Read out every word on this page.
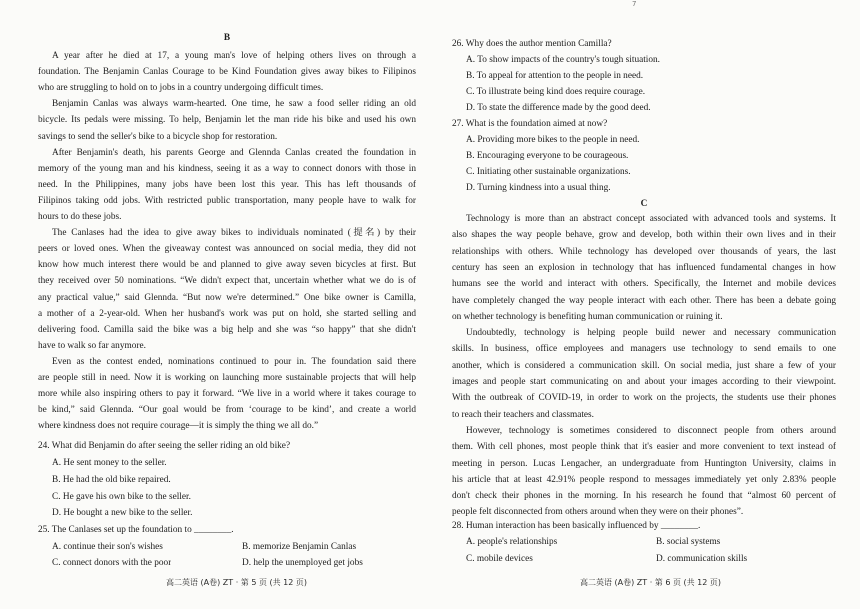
7
B
A year after he died at 17, a young man's love of helping others lives on through a
foundation. The Benjamin Canlas Courage to be Kind Foundation gives away bikes to Filipinos
who are struggling to hold on to jobs in a country undergoing difficult times.
Benjamin Canlas was always warm-hearted. One time, he saw a food seller riding an old
bicycle. Its pedals were missing. To help, Benjamin let the man ride his bike and used his own
savings to send the seller's bike to a bicycle shop for restoration.
After Benjamin's death, his parents George and Glennda Canlas created the foundation in
memory of the young man and his kindness, seeing it as a way to connect donors with those in
need. In the Philippines, many jobs have been lost this year. This has left thousands of
Filipinos taking odd jobs. With restricted public transportation, many people have to walk for
hours to do these jobs.
The Canlases had the idea to give away bikes to individuals nominated (提名) by their
peers or loved ones. When the giveaway contest was announced on social media, they did not
know how much interest there would be and planned to give away seven bicycles at first. But
they received over 50 nominations. “We didn't expect that, uncertain whether what we do is of
any practical value,” said Glennda. “But now we're determined.” One bike owner is Camilla,
a mother of a 2-year-old. When her husband's work was put on hold, she started selling and
delivering food. Camilla said the bike was a big help and she was “so happy” that she didn't
have to walk so far anymore.
Even as the contest ended, nominations continued to pour in. The foundation said there
are people still in need. Now it is working on launching more sustainable projects that will help
more while also inspiring others to pay it forward. “We live in a world where it takes courage to
be kind,” said Glennda. “Our goal would be from ‘courage to be kind’, and create a world
where kindness does not require courage—it is simply the thing we all do.”
24. What did Benjamin do after seeing the seller riding an old bike?
A. He sent money to the seller.
B. He had the old bike repaired.
C. He gave his own bike to the seller.
D. He bought a new bike to the seller.
25. The Canlases set up the foundation to ________.
A. continue their son's wishes	B. memorize Benjamin Canlas
C. connect donors with the poor	D. help the unemployed get jobs
高二英语 (A卷) ZT · 第 5 页 (共 12 页)
26. Why does the author mention Camilla?
A. To show impacts of the country's tough situation.
B. To appeal for attention to the people in need.
C. To illustrate being kind does require courage.
D. To state the difference made by the good deed.
27. What is the foundation aimed at now?
A. Providing more bikes to the people in need.
B. Encouraging everyone to be courageous.
C. Initiating other sustainable organizations.
D. Turning kindness into a usual thing.
C
Technology is more than an abstract concept associated with advanced tools and systems. It
also shapes the way people behave, grow and develop, both within their own lives and in their
relationships with others. While technology has developed over thousands of years, the last
century has seen an explosion in technology that has influenced fundamental changes in how
humans see the world and interact with others. Specifically, the Internet and mobile devices
have completely changed the way people interact with each other. There has been a debate going
on whether technology is benefiting human communication or ruining it.
Undoubtedly, technology is helping people build newer and necessary communication
skills. In business, office employees and managers use technology to send emails to one
another, which is considered a communication skill. On social media, just share a few of your
images and people start communicating on and about your images according to their viewpoint.
With the outbreak of COVID-19, in order to work on the projects, the students use their phones
to reach their teachers and classmates.
However, technology is sometimes considered to disconnect people from others around
them. With cell phones, most people think that it's easier and more convenient to text instead of
meeting in person. Lucas Lengacher, an undergraduate from Huntington University, claims in
his article that at least 42.91% people respond to messages immediately yet only 2.83% people
don't check their phones in the morning. In his research he found that “almost 60 percent of
people felt disconnected from others around when they were on their phones”.
28. Human interaction has been basically influenced by ________.
A. people's relationships	B. social systems
C. mobile devices	D. communication skills
高二英语 (A卷) ZT · 第 6 页 (共 12 页)
